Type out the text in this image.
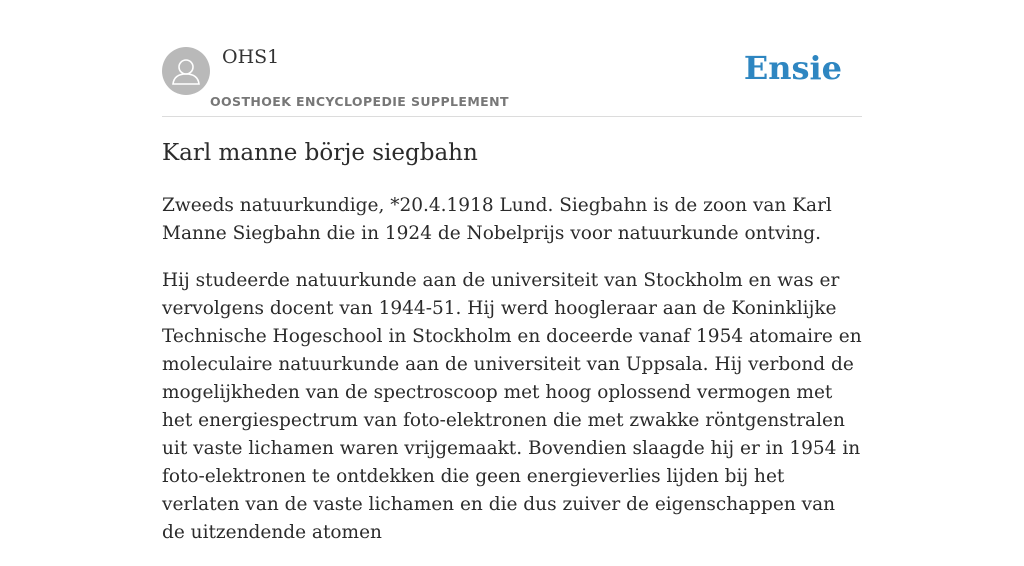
OHS1
OOSTHOEK ENCYCLOPEDIE SUPPLEMENT
Ensie
Karl manne börje siegbahn

Zweeds natuurkundige, *20.4.1918 Lund. Siegbahn is de zoon van Karl Manne Siegbahn die in 1924 de Nobelprijs voor natuurkunde ontving.

Hij studeerde natuurkunde aan de universiteit van Stockholm en was er vervolgens docent van 1944-51. Hij werd hoogleraar aan de Koninklijke Technische Hogeschool in Stockholm en doceerde vanaf 1954 atomaire en moleculaire natuurkunde aan de universiteit van Uppsala. Hij verbond de mogelijkheden van de spectroscoop met hoog oplossend vermogen met het energiespectrum van foto-elektronen die met zwakke röntgenstralen uit vaste lichamen waren vrijgemaakt. Bovendien slaagde hij er in 1954 in foto-elektronen te ontdekken die geen energieverlies lijden bij het verlaten van de vaste lichamen en die dus zuiver de eigenschappen van de uitzendende atomen
